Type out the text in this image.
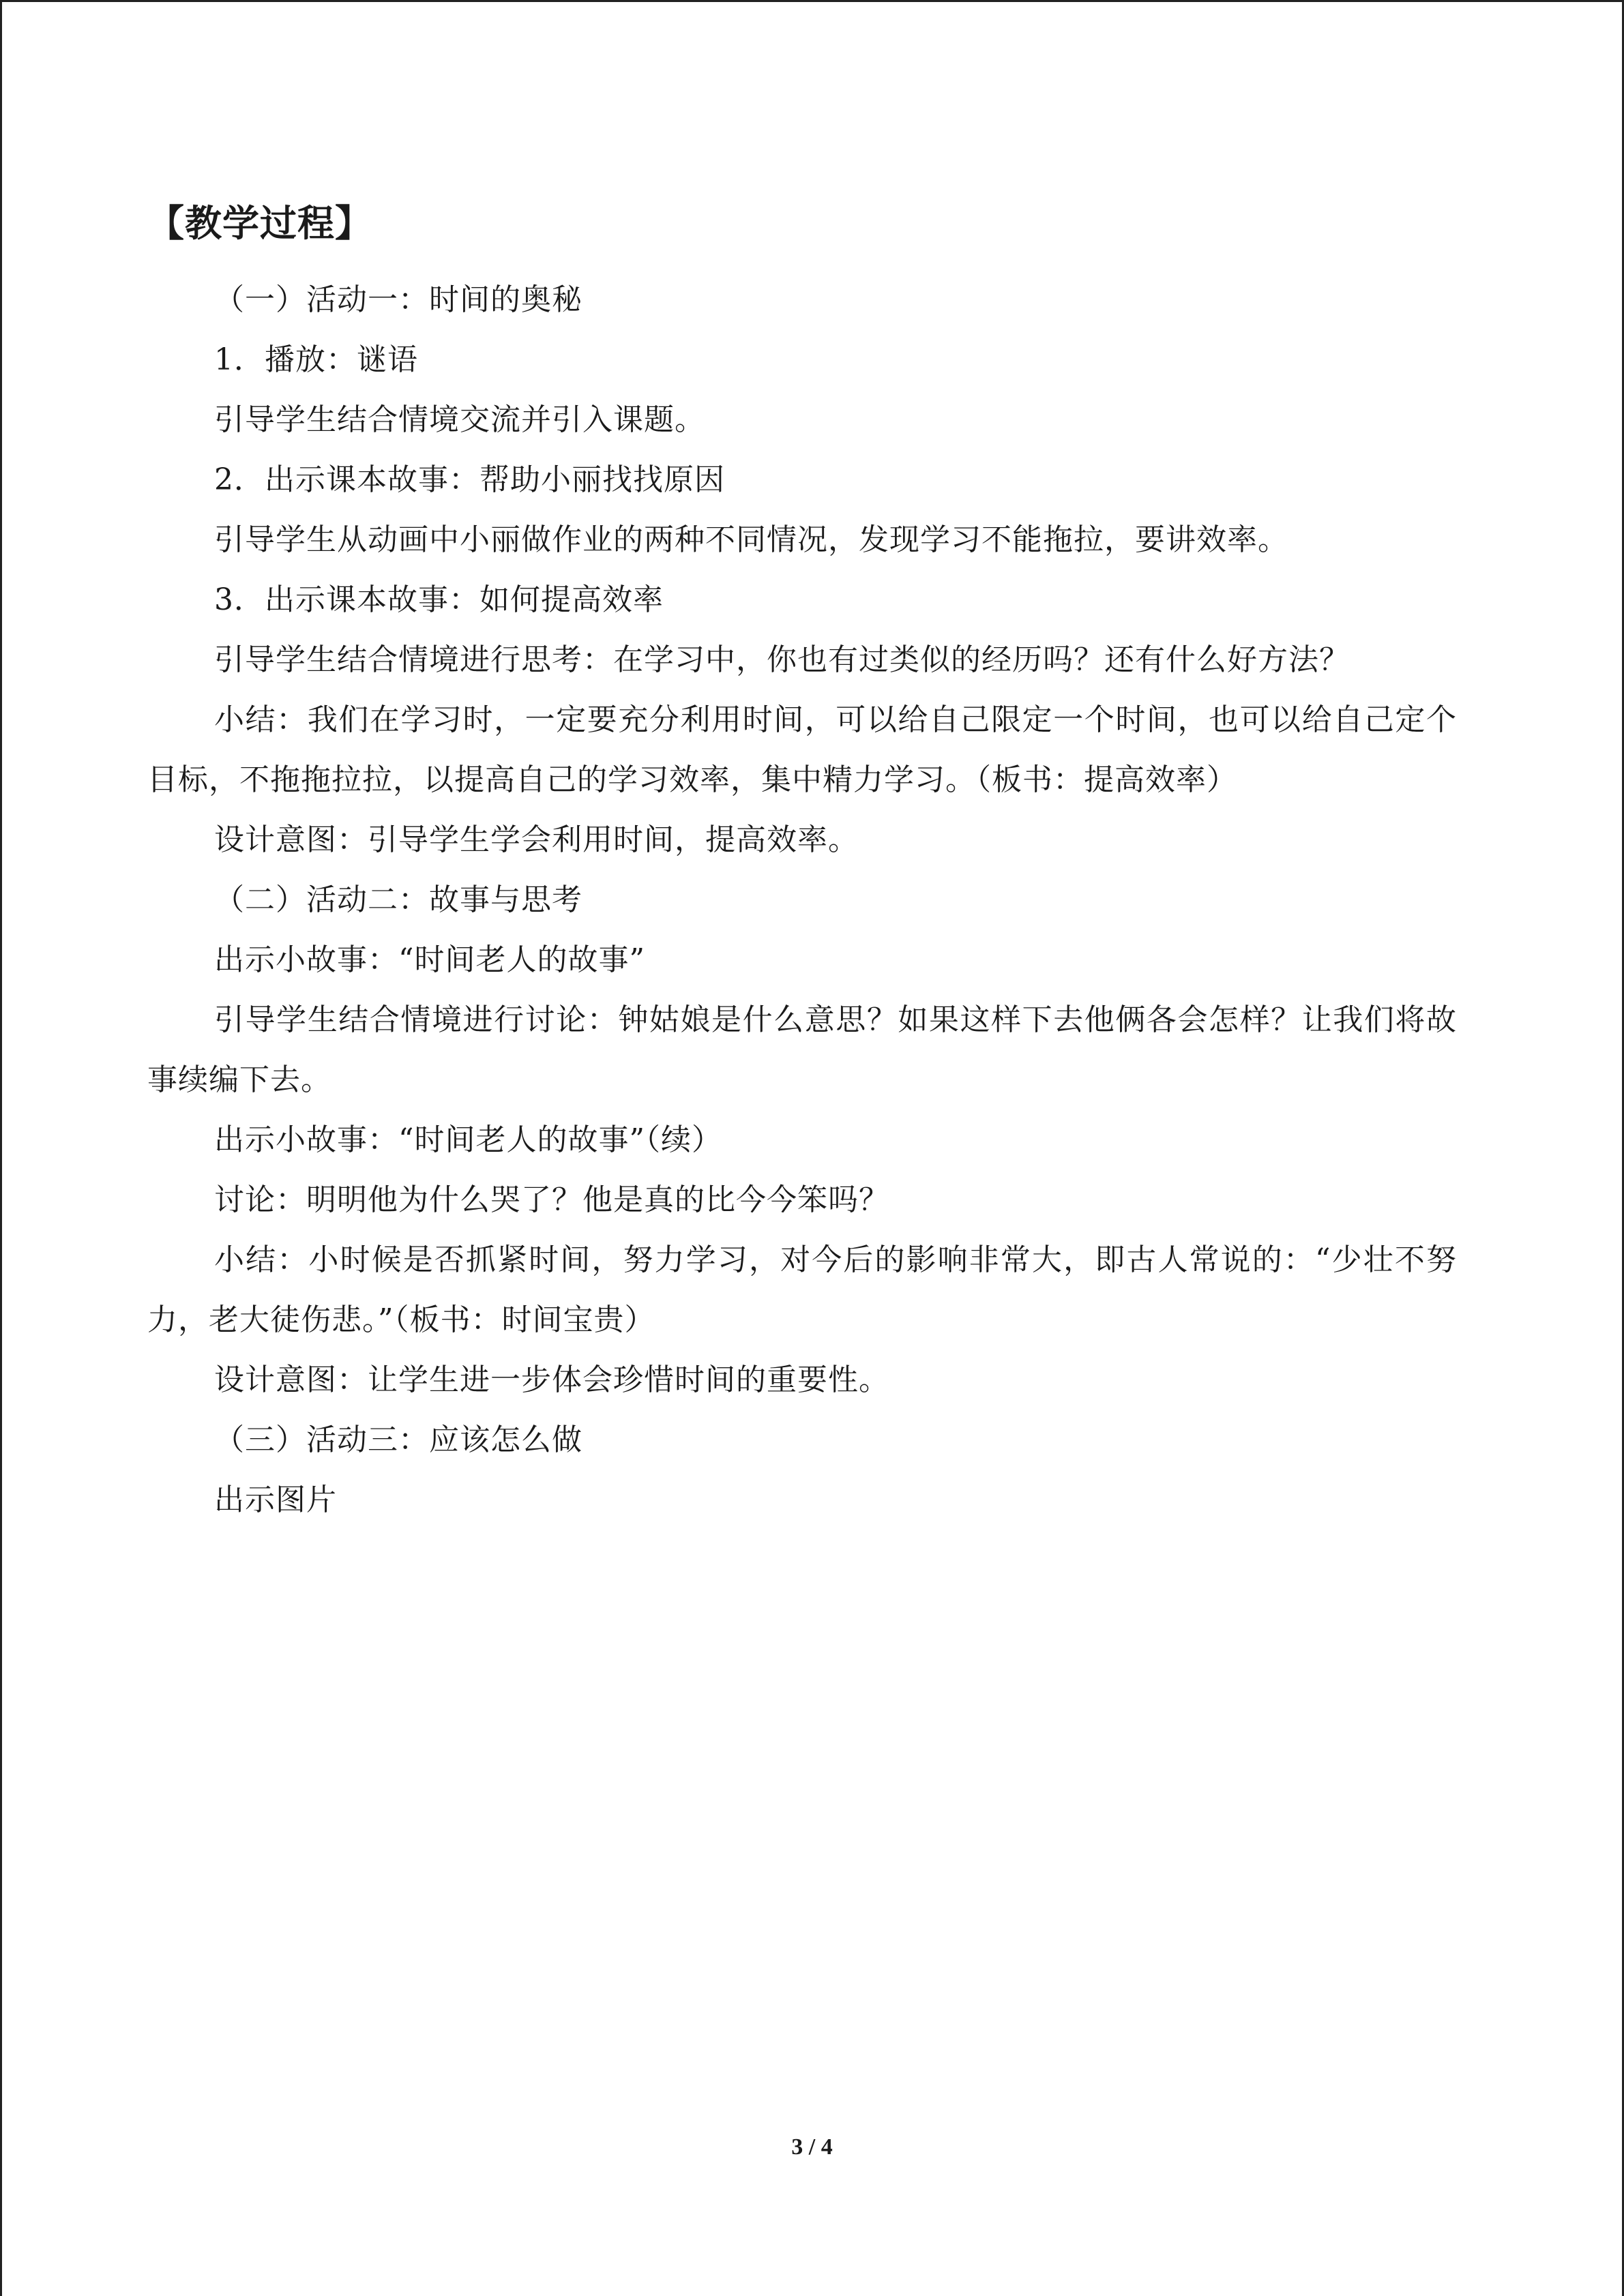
【教学过程】

（一）活动一：时间的奥秘

1．播放：谜语

引导学生结合情境交流并引入课题。

2．出示课本故事：帮助小丽找找原因

引导学生从动画中小丽做作业的两种不同情况，发现学习不能拖拉，要讲效率。

3．出示课本故事：如何提高效率

引导学生结合情境进行思考：在学习中，你也有过类似的经历吗？还有什么好方法？

小结：我们在学习时，一定要充分利用时间，可以给自己限定一个时间，也可以给自己定个目标，不拖拖拉拉，以提高自己的学习效率，集中精力学习。（板书：提高效率）

设计意图：引导学生学会利用时间，提高效率。

（二）活动二：故事与思考

出示小故事：“时间老人的故事”

引导学生结合情境进行讨论：钟姑娘是什么意思？如果这样下去他俩各会怎样？让我们将故事续编下去。

出示小故事：“时间老人的故事”（续）

讨论：明明他为什么哭了？他是真的比今今笨吗？

小结：小时候是否抓紧时间，努力学习，对今后的影响非常大，即古人常说的：“少壮不努力，老大徒伤悲。”（板书：时间宝贵）

设计意图：让学生进一步体会珍惜时间的重要性。

（三）活动三：应该怎么做

出示图片

3 / 4
